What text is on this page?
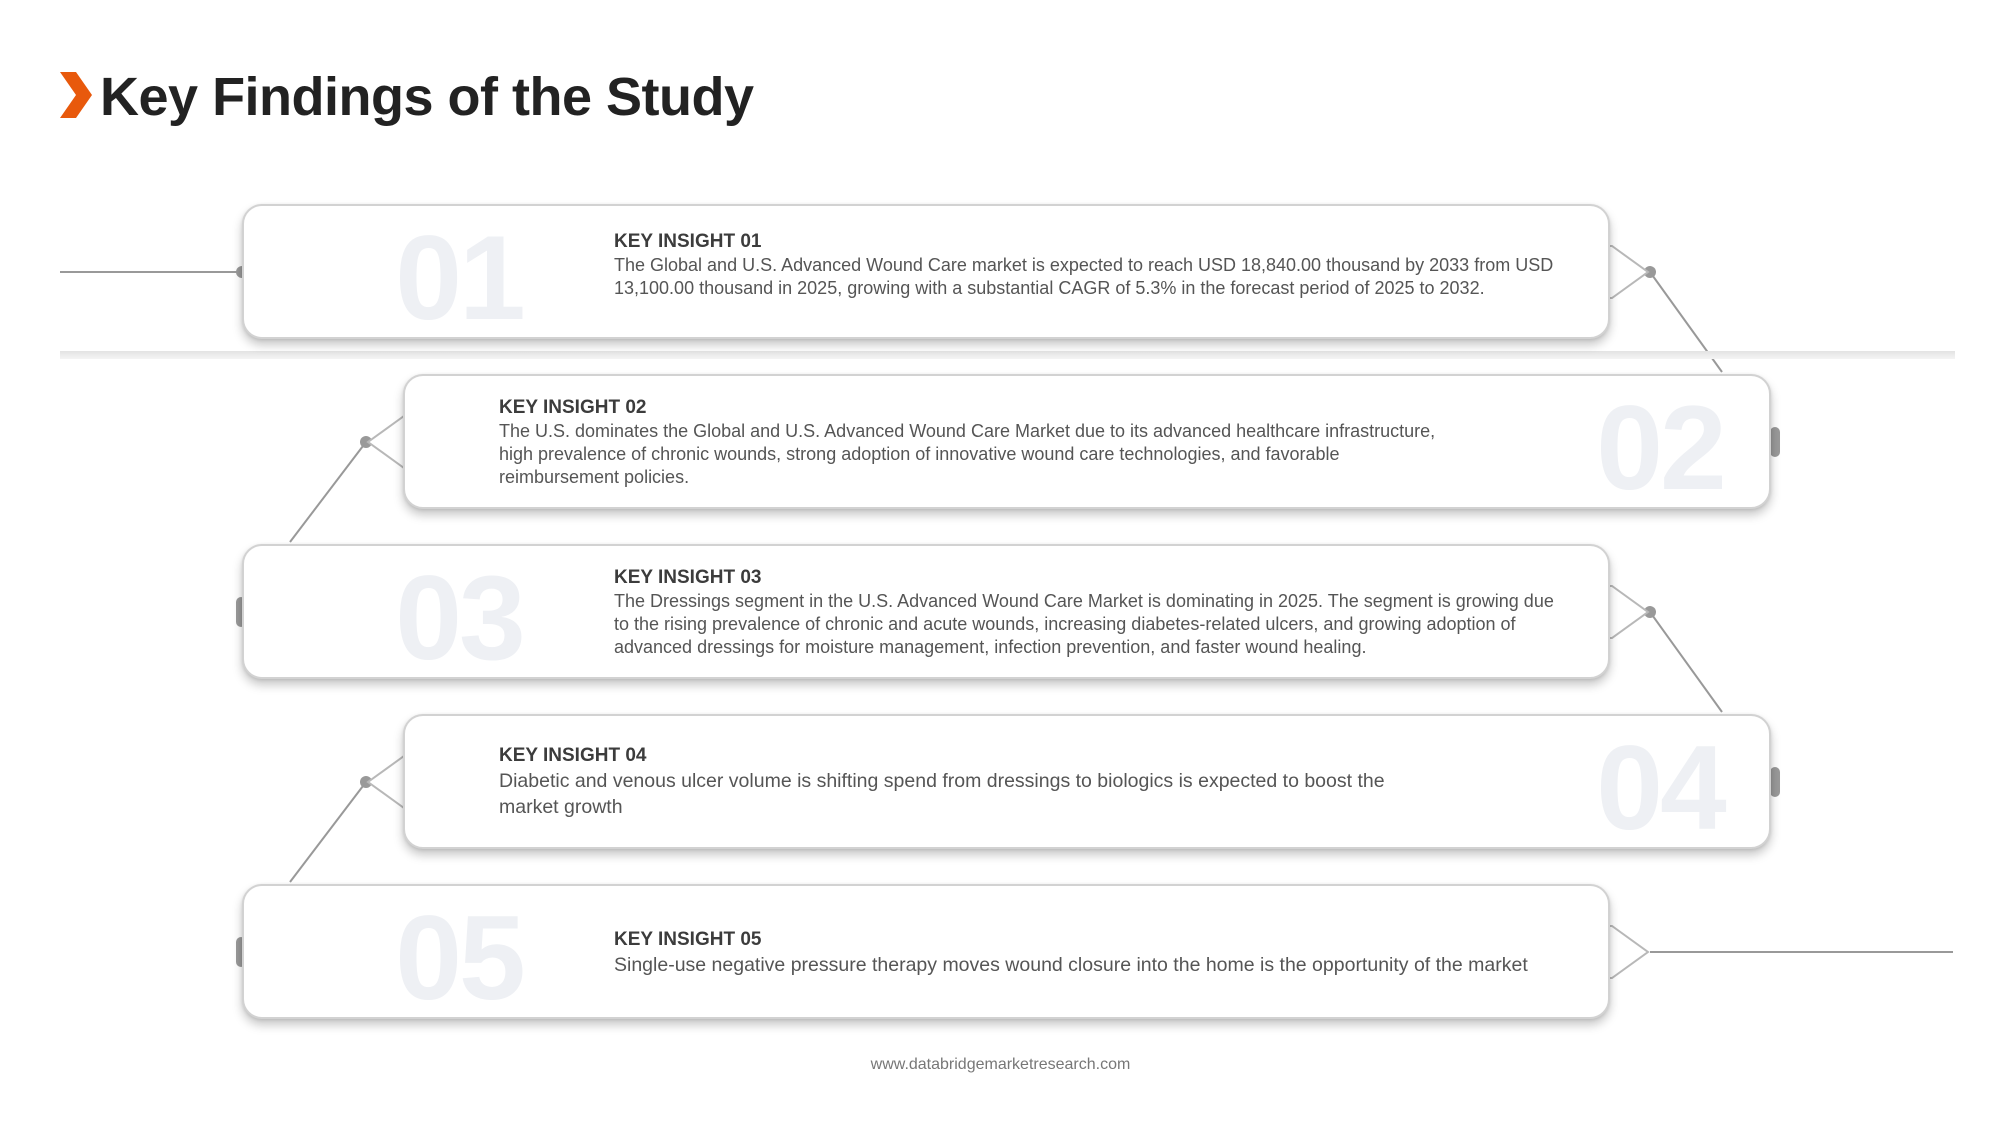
Key Findings of the Study
01	KEY INSIGHT 01
The Global and U.S. Advanced Wound Care market is expected to reach USD 18,840.00 thousand by 2033 from USD 13,100.00 thousand in 2025, growing with a substantial CAGR of 5.3% in the forecast period of 2025 to 2032.
02
KEY INSIGHT 02
The U.S. dominates the Global and U.S. Advanced Wound Care Market due to its advanced healthcare infrastructure, high prevalence of chronic wounds, strong adoption of innovative wound care technologies, and favorable reimbursement policies.
03	KEY INSIGHT 03
The Dressings segment in the U.S. Advanced Wound Care Market is dominating in 2025. The segment is growing due to the rising prevalence of chronic and acute wounds, increasing diabetes-related ulcers, and growing adoption of advanced dressings for moisture management, infection prevention, and faster wound healing.
04
KEY INSIGHT 04
Diabetic and venous ulcer volume is shifting spend from dressings to biologics is expected to boost the market growth
05	KEY INSIGHT 05
Single-use negative pressure therapy moves wound closure into the home is the opportunity of the market
www.databridgemarketresearch.com
